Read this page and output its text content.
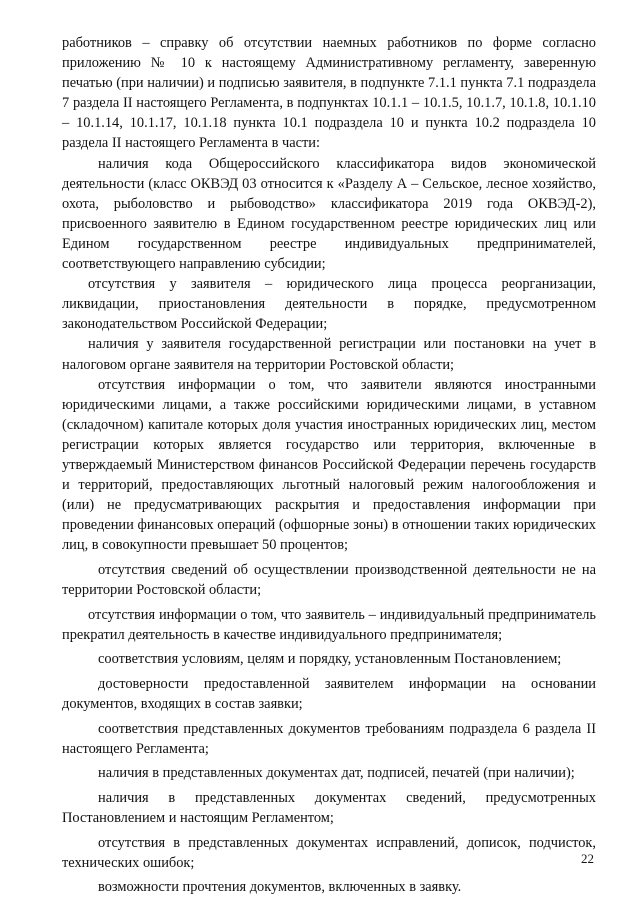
работников – справку об отсутствии наемных работников по форме согласно приложению № 10 к настоящему Административному регламенту, заверенную печатью (при наличии) и подписью заявителя, в подпункте 7.1.1 пункта 7.1 подраздела 7 раздела II настоящего Регламента, в подпунктах 10.1.1 – 10.1.5, 10.1.7, 10.1.8, 10.1.10 – 10.1.14, 10.1.17, 10.1.18 пункта 10.1 подраздела 10 и пункта 10.2 подраздела 10 раздела II настоящего Регламента в части:

наличия кода Общероссийского классификатора видов экономической деятельности (класс ОКВЭД 03 относится к «Разделу А – Сельское, лесное хозяйство, охота, рыболовство и рыбоводство» классификатора 2019 года ОКВЭД-2), присвоенного заявителю в Едином государственном реестре юридических лиц или Едином государственном реестре индивидуальных предпринимателей, соответствующего направлению субсидии;

отсутствия у заявителя – юридического лица процесса реорганизации, ликвидации, приостановления деятельности в порядке, предусмотренном законодательством Российской Федерации;

наличия у заявителя государственной регистрации или постановки на учет в налоговом органе заявителя на территории Ростовской области;

отсутствия информации о том, что заявители являются иностранными юридическими лицами, а также российскими юридическими лицами, в уставном (складочном) капитале которых доля участия иностранных юридических лиц, местом регистрации которых является государство или территория, включенные в утверждаемый Министерством финансов Российской Федерации перечень государств и территорий, предоставляющих льготный налоговый режим налогообложения и (или) не предусматривающих раскрытия и предоставления информации при проведении финансовых операций (офшорные зоны) в отношении таких юридических лиц, в совокупности превышает 50 процентов;

отсутствия сведений об осуществлении производственной деятельности не на территории Ростовской области;

отсутствия информации о том, что заявитель – индивидуальный предприниматель прекратил деятельность в качестве индивидуального предпринимателя;

соответствия условиям, целям и порядку, установленным Постановлением;

достоверности предоставленной заявителем информации на основании документов, входящих в состав заявки;

соответствия представленных документов требованиям подраздела 6 раздела II настоящего Регламента;

наличия в представленных документах дат, подписей, печатей (при наличии);

наличия в представленных документах сведений, предусмотренных Постановлением и настоящим Регламентом;

отсутствия в представленных документах исправлений, дописок, подчисток, технических ошибок;

возможности прочтения документов, включенных в заявку.

22
